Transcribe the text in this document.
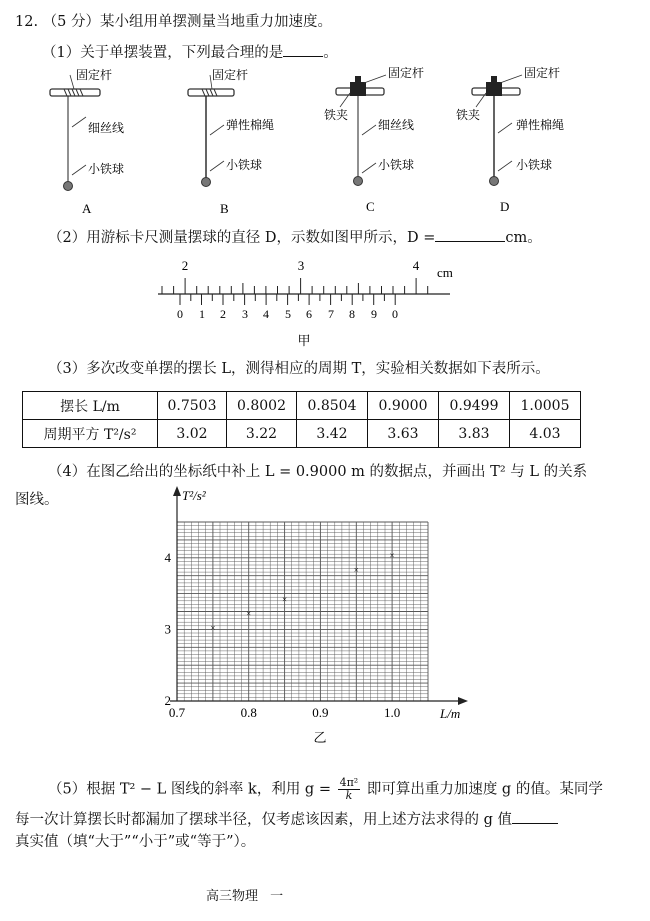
12. （5 分）某小组用单摆测量当地重力加速度。
（1）关于单摆装置，下列最合理的是	。
固定杆
细丝线
小铁球
A
固定杆
弹性棉绳
小铁球
B
固定杆
铁夹
细丝线
小铁球
C
固定杆
铁夹
弹性棉绳
小铁球
D
（2）用游标卡尺测量摆球的直径 D，示数如图甲所示，D =	cm。
2	3	4 cm
0 1 2 3 4 5 6 7 8 9 0
甲
（3）多次改变单摆的摆长 L，测得相应的周期 T，实验相关数据如下表所示。
摆长 L/m	0.7503	0.8002	0.8504	0.9000	0.9499	1.0005
周期平方 T²/s²	3.02	3.22	3.42	3.63	3.83	4.03
（4）在图乙给出的坐标纸中补上 L = 0.9000 m 的数据点，并画出 T² 与 L 的关系
图线。
0.7	0.8	0.9	1.0
2
3
4
×
×
×
×
×
T²/s²
L/m
乙
（5）根据 T² − L 图线的斜率 k，利用 $g = \frac{\text{4π²}}{k}$ 即可算出重力加速度 g 的值。某同学
每一次计算摆长时都漏加了摆球半径，仅考虑该因素，用上述方法求得的 g 值
真实值（填“大于”“小于”或“等于”）。
高三物理 一
